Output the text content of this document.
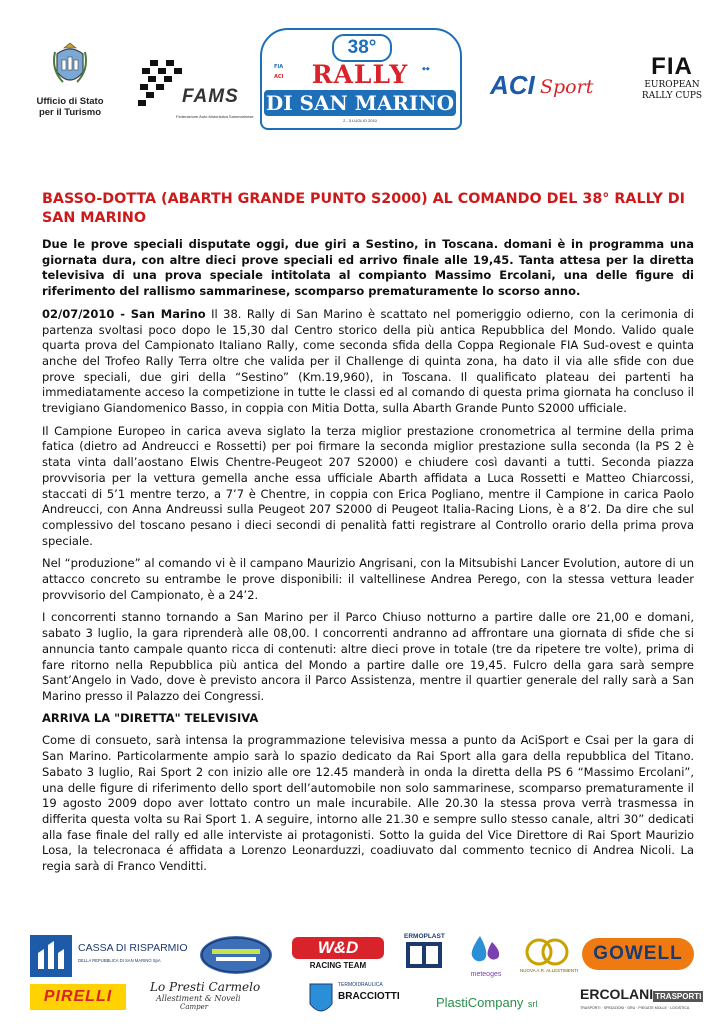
Ufficio di Stato
per il Turismo
FAMS
Federazione Auto Motoristica Sammarinese
38°
FIA
ACI
◆◆
RALLY
DI SAN MARINO
2 - 3 LUGLIO 2010
ACI Sport
FIA
EUROPEAN
RALLY CUPS
BASSO-DOTTA (ABARTH GRANDE PUNTO S2000) AL COMANDO DEL 38° RALLY DI SAN MARINO

Due le prove speciali disputate oggi, due giri a Sestino, in Toscana. domani è in programma una giornata dura, con altre dieci prove speciali ed arrivo finale alle 19,45. Tanta attesa per la diretta televisiva di una prova speciale intitolata al compianto Massimo Ercolani, una delle figure di riferimento del rallismo sammarinese, scomparso prematuramente lo scorso anno.

02/07/2010 - San Marino Il 38. Rally di San Marino è scattato nel pomeriggio odierno, con la cerimonia di partenza svoltasi poco dopo le 15,30 dal Centro storico della più antica Repubblica del Mondo. Valido quale quarta prova del Campionato Italiano Rally, come seconda sfida della Coppa Regionale FIA Sud-ovest e quinta anche del Trofeo Rally Terra oltre che valida per il Challenge di quinta zona, ha dato il via alle sfide con due prove speciali, due giri della “Sestino” (Km.19,960), in Toscana. Il qualificato plateau dei partenti ha immediatamente acceso la competizione in tutte le classi ed al comando di questa prima giornata ha concluso il trevigiano Giandomenico Basso, in coppia con Mitia Dotta, sulla Abarth Grande Punto S2000 ufficiale.

Il Campione Europeo in carica aveva siglato la terza miglior prestazione cronometrica al termine della prima fatica (dietro ad Andreucci e Rossetti) per poi firmare la seconda miglior prestazione sulla seconda (la PS 2 è stata vinta dall’aostano Elwis Chentre-Peugeot 207 S2000) e chiudere così davanti a tutti. Seconda piazza provvisoria per la vettura gemella anche essa ufficiale Abarth affidata a Luca Rossetti e Matteo Chiarcossi, staccati di 5’1 mentre terzo, a 7’7 è Chentre, in coppia con Erica Pogliano, mentre il Campione in carica Paolo Andreucci, con Anna Andreussi sulla Peugeot 207 S2000 di Peugeot Italia-Racing Lions, è a 8’2. Da dire che sul complessivo del toscano pesano i dieci secondi di penalità fatti registrare al Controllo orario della prima prova speciale.

Nel “produzione” al comando vi è il campano Maurizio Angrisani, con la Mitsubishi Lancer Evolution, autore di un attacco concreto su entrambe le prove disponibili: il valtellinese Andrea Perego, con la stessa vettura leader provvisorio del Campionato, è a 24’2.

I concorrenti stanno tornando a San Marino per il Parco Chiuso notturno a partire dalle ore 21,00 e domani, sabato 3 luglio, la gara riprenderà alle 08,00. I concorrenti andranno ad affrontare una giornata di sfide che si annuncia tanto campale quanto ricca di contenuti: altre dieci prove in totale (tre da ripetere tre volte), prima di fare ritorno nella Repubblica più antica del Mondo a partire dalle ore 19,45. Fulcro della gara sarà sempre Sant’Angelo in Vado, dove è previsto ancora il Parco Assistenza, mentre il quartier generale del rally sarà a San Marino presso il Palazzo dei Congressi.

ARRIVA LA "DIRETTA" TELEVISIVA

Come di consueto, sarà intensa la programmazione televisiva messa a punto da AciSport e Csai per la gara di San Marino. Particolarmente ampio sarà lo spazio dedicato da Rai Sport alla gara della repubblica del Titano. Sabato 3 luglio, Rai Sport 2 con inizio alle ore 12.45 manderà in onda la diretta della PS 6 “Massimo Ercolani”, una delle figure di riferimento dello sport dell’automobile non solo sammarinese, scomparso prematuramente il 19 agosto 2009 dopo aver lottato contro un male incurabile. Alle 20.30 la stessa prova verrà trasmessa in differita questa volta su Rai Sport 1. A seguire, intorno alle 21.30 e sempre sullo stesso canale, altri 30” dedicati alla fase finale del rally ed alle interviste ai protagonisti. Sotto la guida del Vice Direttore di Rai Sport Maurizio Losa, la telecronaca é affidata a Lorenzo Leonarduzzi, coadiuvato dal commento tecnico di Andrea Nicoli. La regia sarà di Franco Venditti.

CASSA DI RISPARMIO
DELLA REPUBBLICA DI SAN MARINO SpA
W&D
RACING TEAM
ERMOPLAST
meteoges
NUOVA A.R. ALLESTIMENTI
GOWELL
PIRELLI
Lo Presti Carmelo
Allestiment & Noveli
Camper
TERMOIDRAULICA
BRACCIOTTI	PlastiCompany srl
ERCOLANI TRASPORTI
TRASPORTI · SPEDIZIONI · GRU · PIEGATE MOLLE · LOGISTICA
